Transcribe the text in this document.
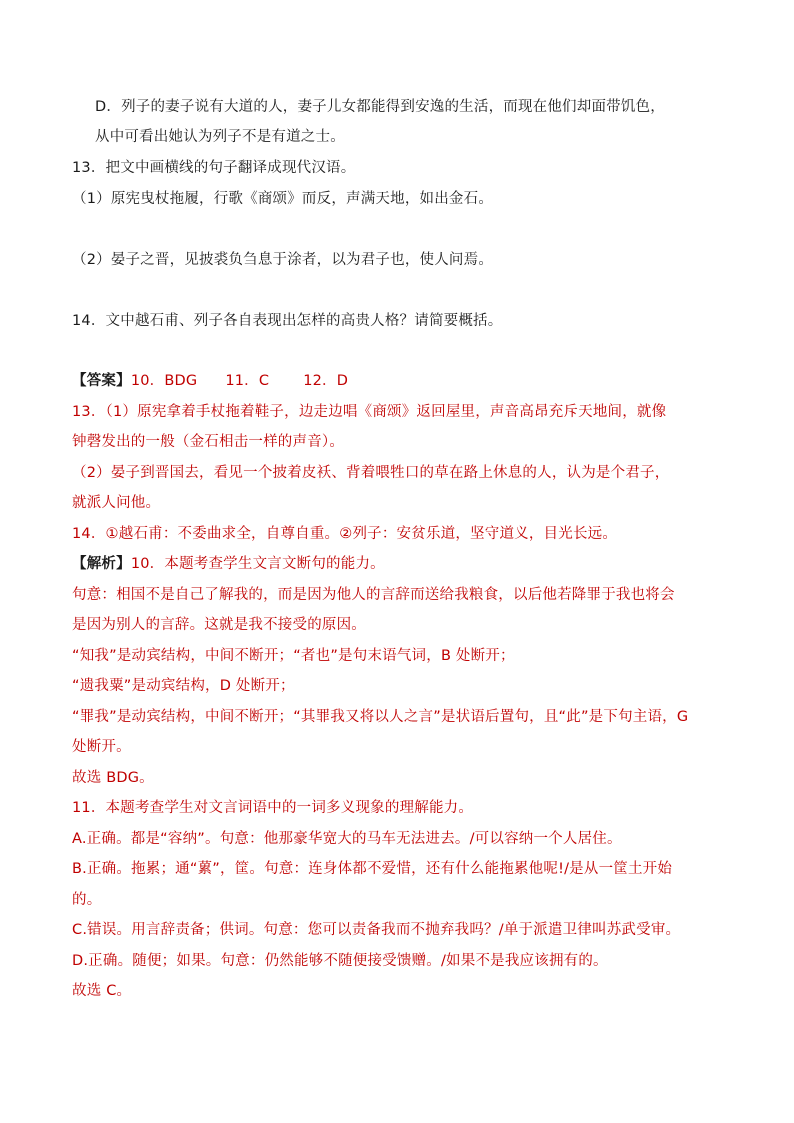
D．列子的妻子说有大道的人，妻子儿女都能得到安逸的生活，而现在他们却面带饥色，
从中可看出她认为列子不是有道之士。
13．把文中画横线的句子翻译成现代汉语。
（1）原宪曳杖拖履，行歌《商颂》而反，声满天地，如出金石。
（2）晏子之晋，见披裘负刍息于涂者，以为君子也，使人问焉。
14．文中越石甫、列子各自表现出怎样的高贵人格？请简要概括。
【答案】10．BDG 11．C 12．D
13．（1）原宪拿着手杖拖着鞋子，边走边唱《商颂》返回屋里，声音高昂充斥天地间，就像
钟磬发出的一般（金石相击一样的声音）。
（2）晏子到晋国去，看见一个披着皮袄、背着喂牲口的草在路上休息的人，认为是个君子，
就派人问他。
14．①越石甫：不委曲求全，自尊自重。②列子：安贫乐道，坚守道义，目光长远。
【解析】10．本题考查学生文言文断句的能力。
句意：相国不是自己了解我的，而是因为他人的言辞而送给我粮食，以后他若降罪于我也将会
是因为别人的言辞。这就是我不接受的原因。
“知我”是动宾结构，中间不断开；“者也”是句末语气词，B 处断开；
“遗我粟”是动宾结构，D 处断开；
“罪我”是动宾结构，中间不断开；“其罪我又将以人之言”是状语后置句，且“此”是下句主语，G
处断开。
故选 BDG。
11．本题考查学生对文言词语中的一词多义现象的理解能力。
A.正确。都是“容纳”。句意：他那豪华宽大的马车无法进去。/可以容纳一个人居住。
B.正确。拖累；通“蔂”，筐。句意：连身体都不爱惜，还有什么能拖累他呢!/是从一筐土开始
的。
C.错误。用言辞责备；供词。句意：您可以责备我而不抛弃我吗？/单于派遣卫律叫苏武受审。
D.正确。随便；如果。句意：仍然能够不随便接受馈赠。/如果不是我应该拥有的。
故选 C。
